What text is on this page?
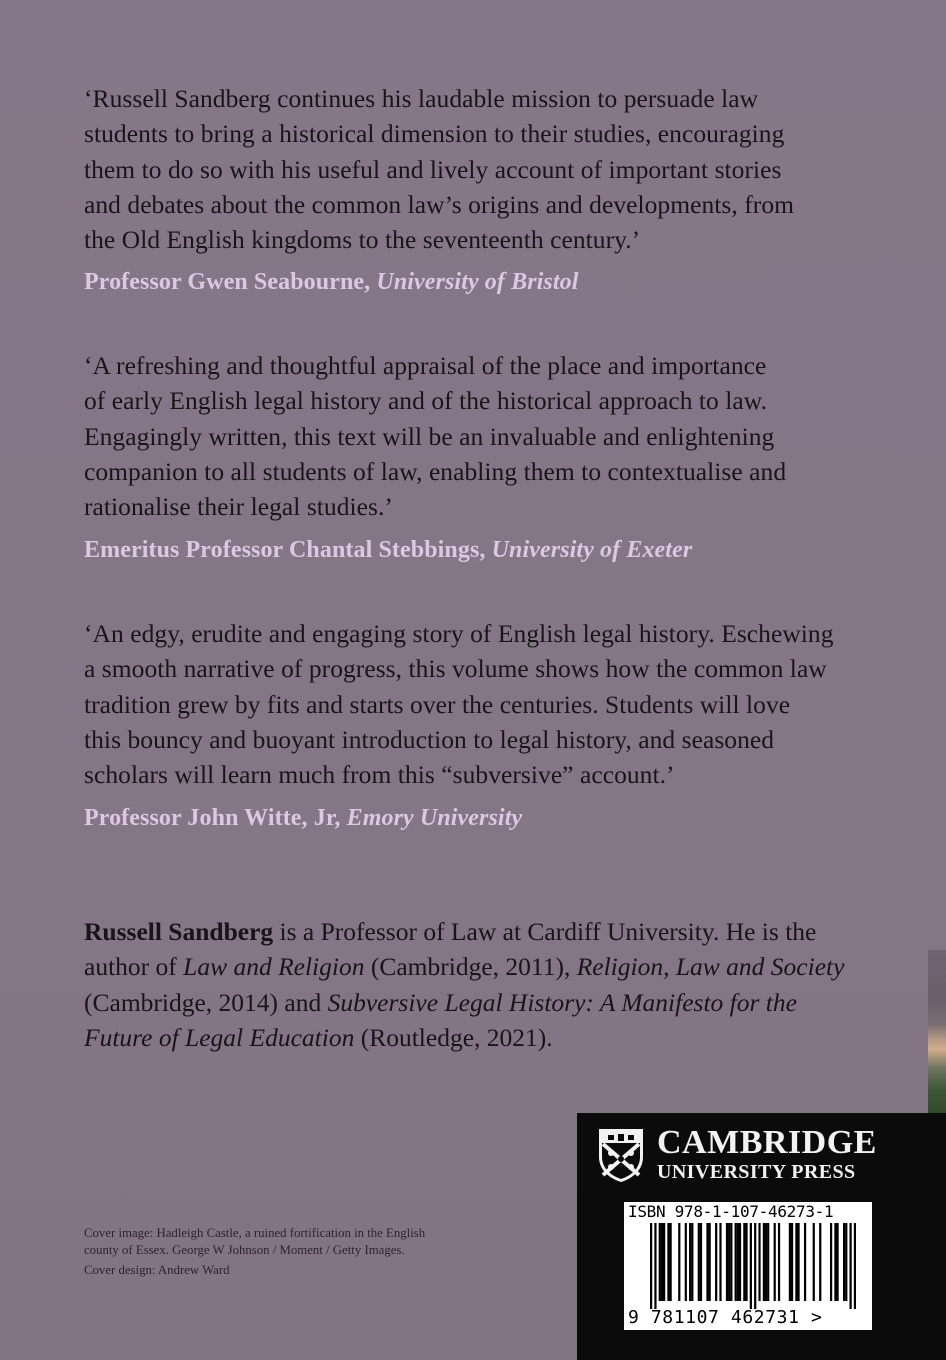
‘Russell Sandberg continues his laudable mission to persuade law
students to bring a historical dimension to their studies, encouraging
them to do so with his useful and lively account of important stories
and debates about the common law’s origins and developments, from
the Old English kingdoms to the seventeenth century.’

Professor Gwen Seabourne, University of Bristol

‘A refreshing and thoughtful appraisal of the place and importance
of early English legal history and of the historical approach to law.
Engagingly written, this text will be an invaluable and enlightening
companion to all students of law, enabling them to contextualise and
rationalise their legal studies.’

Emeritus Professor Chantal Stebbings, University of Exeter

‘An edgy, erudite and engaging story of English legal history. Eschewing
a smooth narrative of progress, this volume shows how the common law
tradition grew by fits and starts over the centuries. Students will love
this bouncy and buoyant introduction to legal history, and seasoned
scholars will learn much from this “subversive” account.’

Professor John Witte, Jr, Emory University

Russell Sandberg is a Professor of Law at Cardiff University. He is the
author of Law and Religion (Cambridge, 2011), Religion, Law and Society
(Cambridge, 2014) and Subversive Legal History: A Manifesto for the
Future of Legal Education (Routledge, 2021).

Cover image: Hadleigh Castle, a ruined fortification in the English
county of Essex. George W Johnson / Moment / Getty Images.
Cover design: Andrew Ward
CAMBRIDGE
UNIVERSITY PRESS
ISBN 978-1-107-46273-1
9 781107 462731 >
